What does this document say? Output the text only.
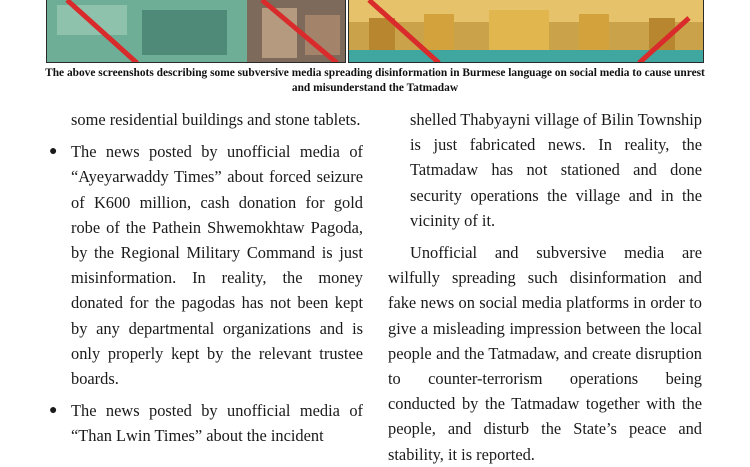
The above screenshots describing some subversive media spreading disinformation in Burmese language on social media to cause unrest and misunderstand the Tatmadaw

some residential buildings and stone tablets.

● The news posted by unofficial media of “Ayeyarwaddy Times” about forced seizure of K600 million, cash donation for gold robe of the Pathein Shwemokhtaw Pagoda, by the Regional Military Command is just misinformation. In reality, the money donated for the pagodas has not been kept by any departmental organizations and is only properly kept by the relevant trustee boards.
● The news posted by unofficial media of “Than Lwin Times” about the incident

shelled Thabyayni village of Bilin Township is just fabricated news. In reality, the Tatmadaw has not stationed and done security operations the village and in the vicinity of it.

Unofficial and subversive media are wilfully spreading such disinformation and fake news on social media platforms in order to give a misleading impression between the local people and the Tatmadaw, and create disruption to counter-terrorism operations being conducted by the Tatmadaw together with the people, and disturb the State’s peace and stability, it is reported.
